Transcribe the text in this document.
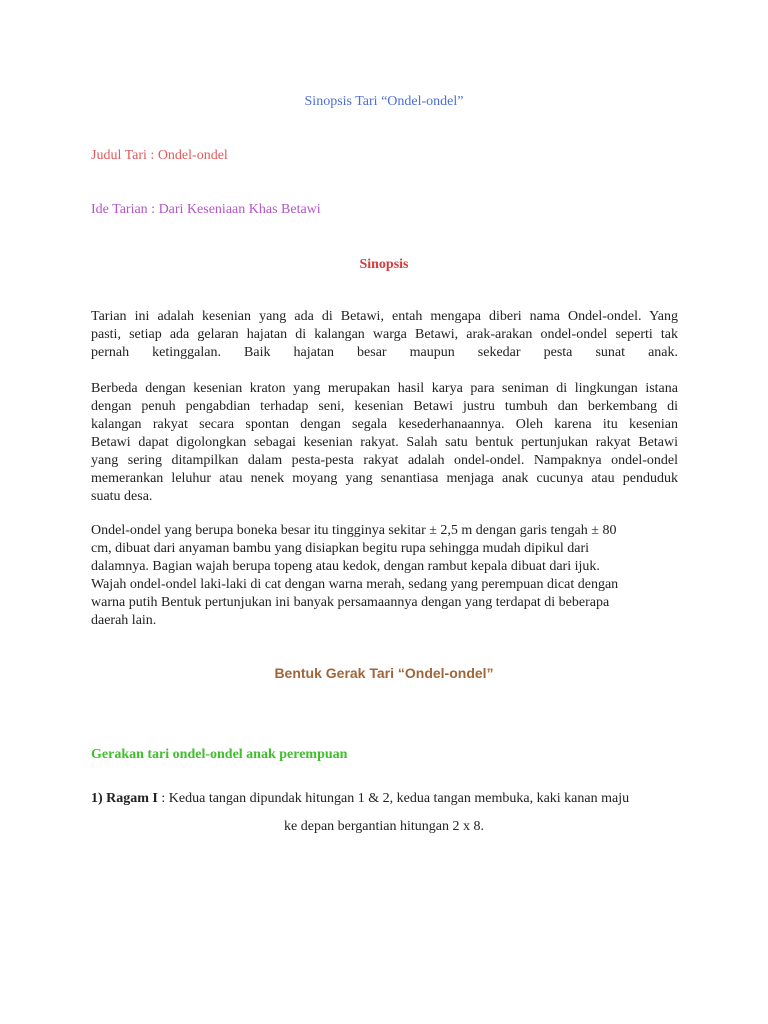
Sinopsis Tari “Ondel-ondel”
Judul Tari : Ondel-ondel
Ide Tarian : Dari Keseniaan Khas Betawi
Sinopsis
Tarian ini adalah kesenian yang ada di Betawi, entah mengapa diberi nama Ondel-ondel. Yang
pasti, setiap ada gelaran hajatan di kalangan warga Betawi, arak-arakan ondel-ondel seperti tak
pernah ketinggalan. Baik hajatan besar maupun sekedar pesta sunat anak.
Berbeda dengan kesenian kraton yang merupakan hasil karya para seniman di lingkungan istana
dengan penuh pengabdian terhadap seni, kesenian Betawi justru tumbuh dan berkembang di
kalangan rakyat secara spontan dengan segala kesederhanaannya. Oleh karena itu kesenian
Betawi dapat digolongkan sebagai kesenian rakyat. Salah satu bentuk pertunjukan rakyat Betawi
yang sering ditampilkan dalam pesta-pesta rakyat adalah ondel-ondel. Nampaknya ondel-ondel
memerankan leluhur atau nenek moyang yang senantiasa menjaga anak cucunya atau penduduk
suatu desa.
Ondel-ondel yang berupa boneka besar itu tingginya sekitar ± 2,5 m dengan garis tengah ± 80
cm, dibuat dari anyaman bambu yang disiapkan begitu rupa sehingga mudah dipikul dari
dalamnya. Bagian wajah berupa topeng atau kedok, dengan rambut kepala dibuat dari ijuk.
Wajah ondel-ondel laki-laki di cat dengan warna merah, sedang yang perempuan dicat dengan
warna putih Bentuk pertunjukan ini banyak persamaannya dengan yang terdapat di beberapa
daerah lain.
Bentuk Gerak Tari “Ondel-ondel”
Gerakan tari ondel-ondel anak perempuan
1) Ragam I : Kedua tangan dipundak hitungan 1 & 2, kedua tangan membuka, kaki kanan maju
ke depan bergantian hitungan 2 x 8.
